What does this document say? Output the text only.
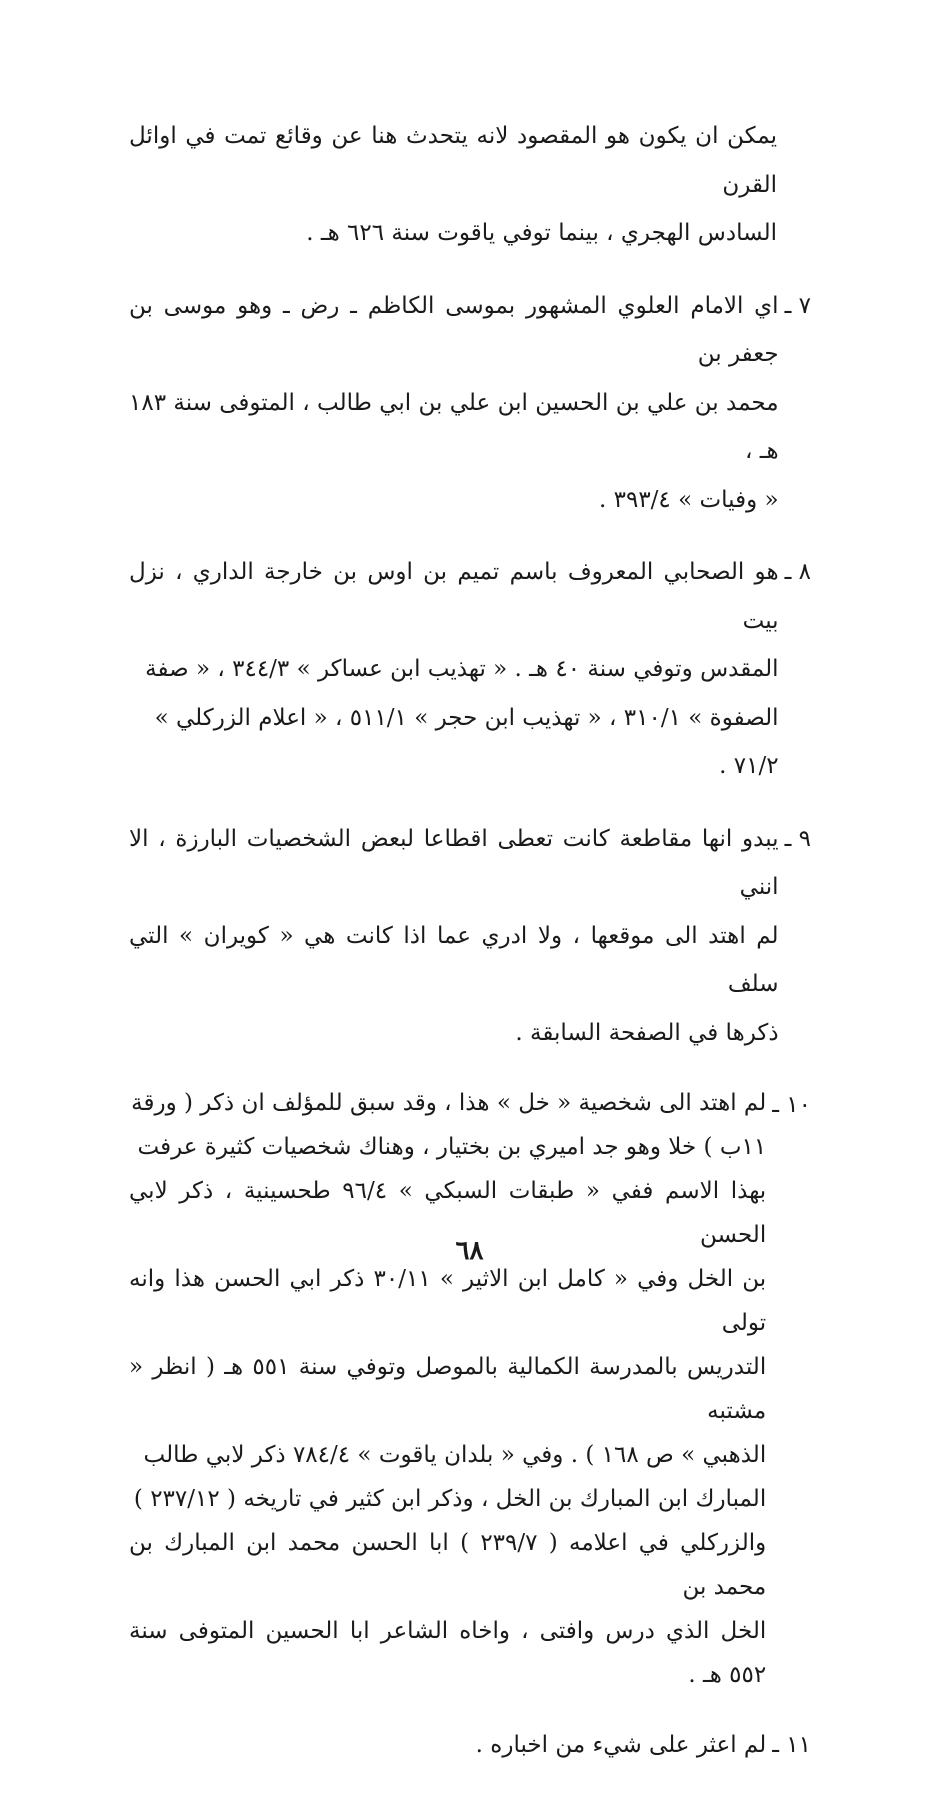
يمكن ان يكون هو المقصود لانه يتحدث هنا عن وقائع تمت في اوائل القرن
السادس الهجري ، بينما توفي ياقوت سنة ٦٢٦ هـ .
٧ ـ
اي الامام العلوي المشهور بموسى الكاظم ـ رض ـ وهو موسى بن جعفر بن
محمد بن علي بن الحسين ابن علي بن ابي طالب ، المتوفى سنة ١٨٣ هـ ،
« وفيات » ٣٩٣/٤ .
٨ ـ
هو الصحابي المعروف باسم تميم بن اوس بن خارجة الداري ، نزل بيت
المقدس وتوفي سنة ٤٠ هـ . « تهذيب ابن عساكر » ٣٤٤/٣ ، « صفة
الصفوة » ٣١٠/١ ، « تهذيب ابن حجر » ٥١١/١ ، « اعلام الزركلي »
٧١/٢ .
٩ ـ
يبدو انها مقاطعة كانت تعطى اقطاعا لبعض الشخصيات البارزة ، الا انني
لم اهتد الى موقعها ، ولا ادري عما اذا كانت هي « كويران » التي سلف
ذكرها في الصفحة السابقة .
١٠ ـ
لم اهتد الى شخصية « خل » هذا ، وقد سبق للمؤلف ان ذكر ( ورقة
١١ب ) خلا وهو جد اميري بن بختيار ، وهناك شخصيات كثيرة عرفت
بهذا الاسم ففي « طبقات السبكي » ٩٦/٤ طحسينية ، ذكر لابي الحسن
بن الخل وفي « كامل ابن الاثير » ٣٠/١١ ذكر ابي الحسن هذا وانه تولى
التدريس بالمدرسة الكمالية بالموصل وتوفي سنة ٥٥١ هـ ( انظر « مشتبه
الذهبي » ص ١٦٨ ) . وفي « بلدان ياقوت » ٧٨٤/٤ ذكر لابي طالب
المبارك ابن المبارك بن الخل ، وذكر ابن كثير في تاريخه ( ٢٣٧/١٢ )
والزركلي في اعلامه ( ٢٣٩/٧ ) ابا الحسن محمد ابن المبارك بن محمد بن
الخل الذي درس وافتى ، واخاه الشاعر ابا الحسين المتوفى سنة ٥٥٢ هـ .
١١ ـ
لم اعثر على شيء من اخباره .
٦٨
